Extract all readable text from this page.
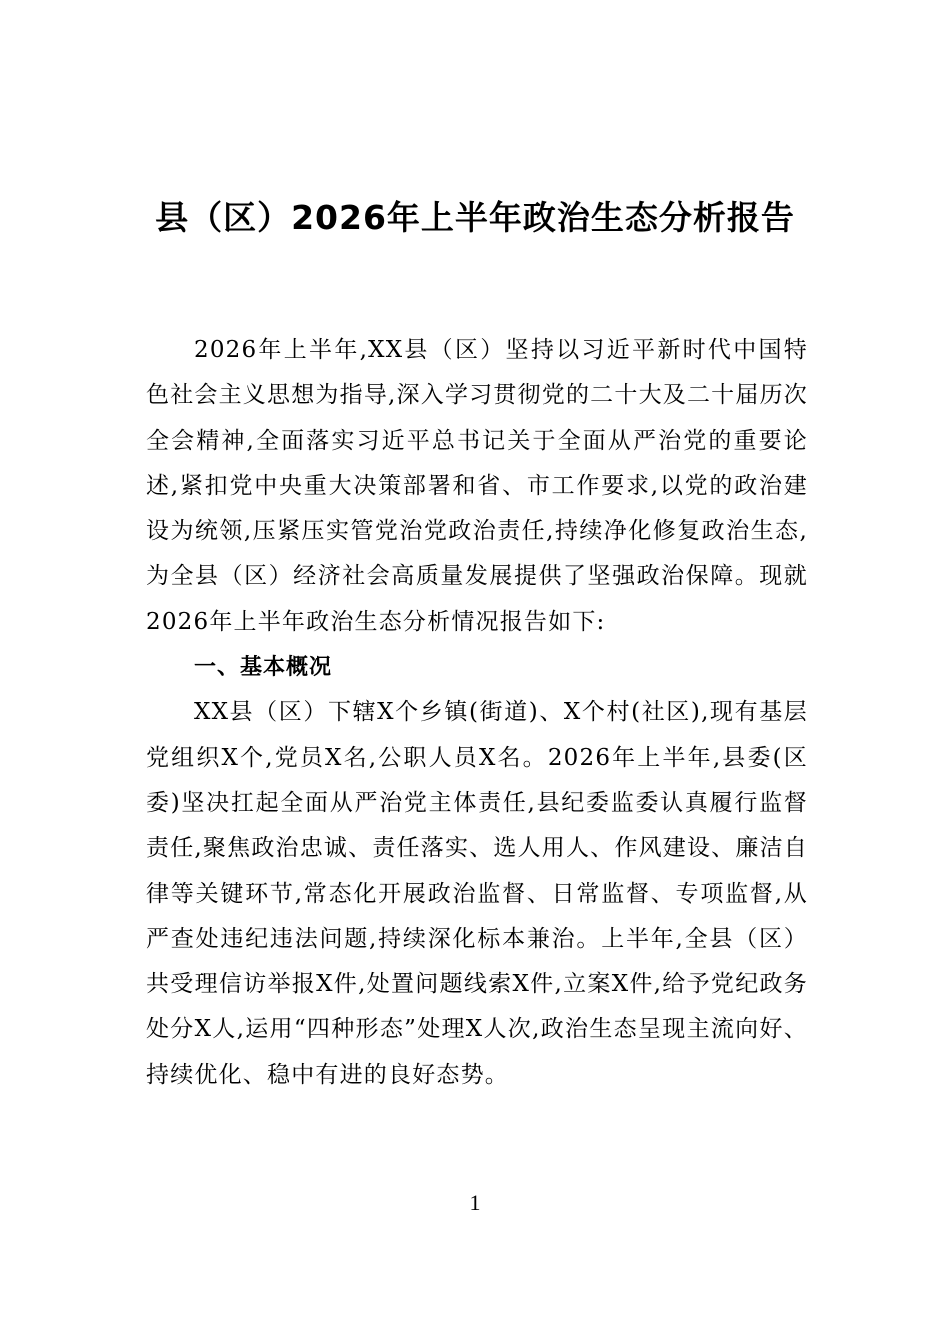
县（区）2026年上半年政治生态分析报告

2026年上半年,XX县（区）坚持以习近平新时代中国特色社会主义思想为指导,深入学习贯彻党的二十大及二十届历次全会精神,全面落实习近平总书记关于全面从严治党的重要论述,紧扣党中央重大决策部署和省、市工作要求,以党的政治建设为统领,压紧压实管党治党政治责任,持续净化修复政治生态,为全县（区）经济社会高质量发展提供了坚强政治保障。现就2026年上半年政治生态分析情况报告如下:

一、基本概况

XX县（区）下辖X个乡镇(街道)、X个村(社区),现有基层党组织X个,党员X名,公职人员X名。2026年上半年,县委(区委)坚决扛起全面从严治党主体责任,县纪委监委认真履行监督责任,聚焦政治忠诚、责任落实、选人用人、作风建设、廉洁自律等关键环节,常态化开展政治监督、日常监督、专项监督,从严查处违纪违法问题,持续深化标本兼治。上半年,全县（区）共受理信访举报X件,处置问题线索X件,立案X件,给予党纪政务处分X人,运用“四种形态”处理X人次,政治生态呈现主流向好、持续优化、稳中有进的良好态势。

1
